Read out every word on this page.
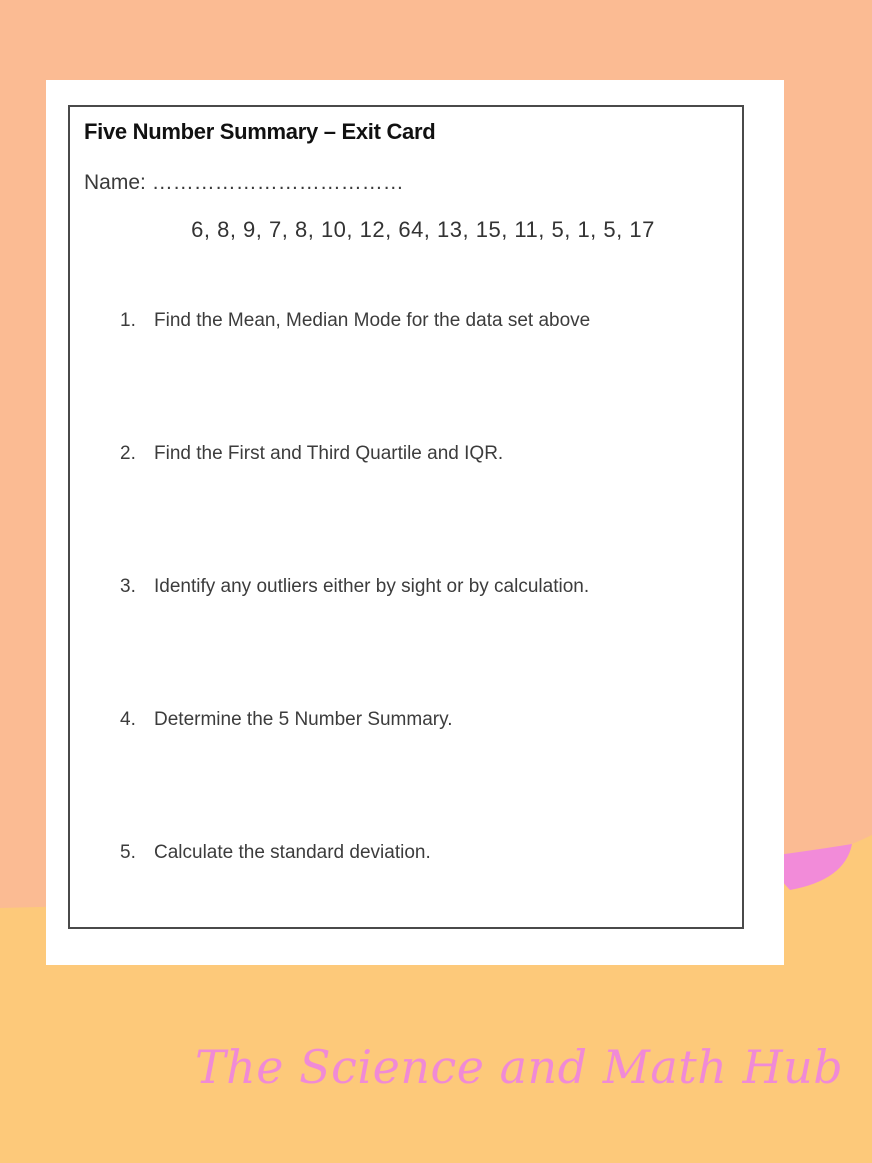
Five Number Summary – Exit Card
Name: ………………………………
6, 8, 9, 7, 8, 10, 12, 64, 13, 15, 11, 5, 1, 5, 17
1. Find the Mean, Median Mode for the data set above
2. Find the First and Third Quartile and IQR.
3. Identify any outliers either by sight or by calculation.
4. Determine the 5 Number Summary.
5. Calculate the standard deviation.
The Science and Math Hub
